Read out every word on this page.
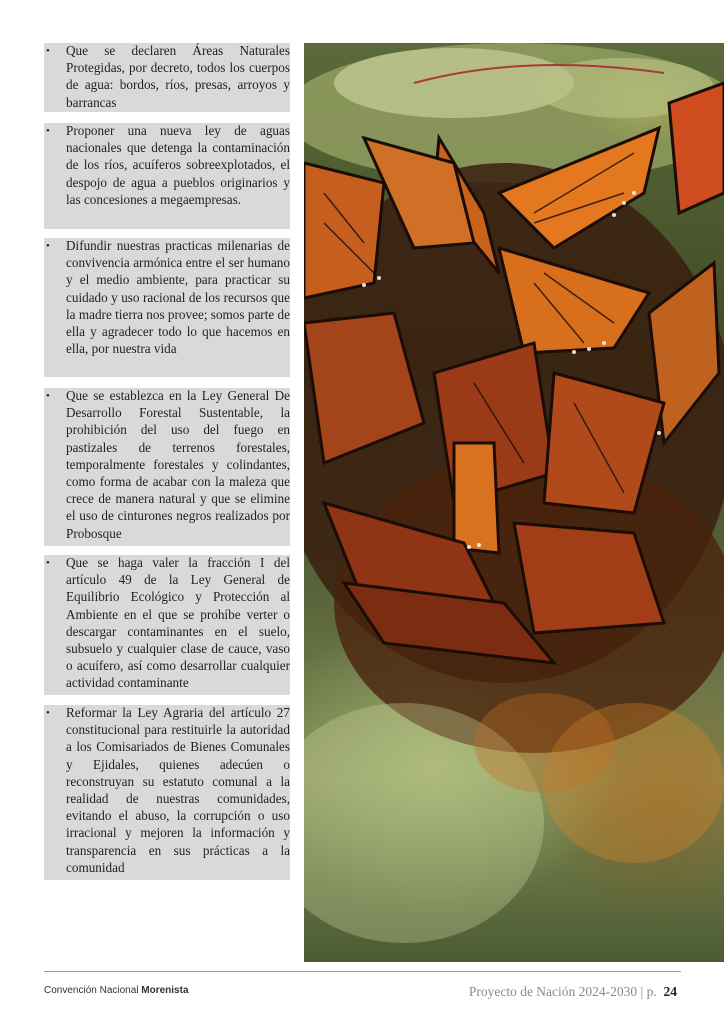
• Que se declaren Áreas Naturales Protegidas, por decreto, todos los cuerpos de agua: bordos, ríos, presas, arroyos y barrancas
• Proponer una nueva ley de aguas nacionales que detenga la contaminación de los ríos, acuíferos sobreexplotados, el despojo de agua a pueblos originarios y las concesiones a megaempresas.
• Difundir nuestras practicas milenarias de convivencia armónica entre el ser humano y el medio ambiente, para practicar su cuidado y uso racional de los recursos que la madre tierra nos provee; somos parte de ella y agradecer todo lo que hacemos en ella, por nuestra vida
• Que se establezca en la Ley General De Desarrollo Forestal Sustentable, la prohibición del uso del fuego en pastizales de terrenos forestales, temporalmente forestales y colindantes, como forma de acabar con la maleza que crece de manera natural y que se elimine el uso de cinturones negros realizados por Probosque
• Que se haga valer la fracción I del artículo 49 de la Ley General de Equilibrio Ecológico y Protección al Ambiente en el que se prohíbe verter o descargar contaminantes en el suelo, subsuelo y cualquier clase de cauce, vaso o acuífero, así como desarrollar cualquier actividad contaminante
• Reformar la Ley Agraria del artículo 27 constitucional para restituirle la autoridad a los Comisariados de Bienes Comunales y Ejidales, quienes adecúen o reconstruyan su estatuto comunal a la realidad de nuestras comunidades, evitando el abuso, la corrupción o uso irracional y mejoren la información y transparencia en sus prácticas a la comunidad
Convención Nacional Morenista	Proyecto de Nación 2024-2030 | p. 24
